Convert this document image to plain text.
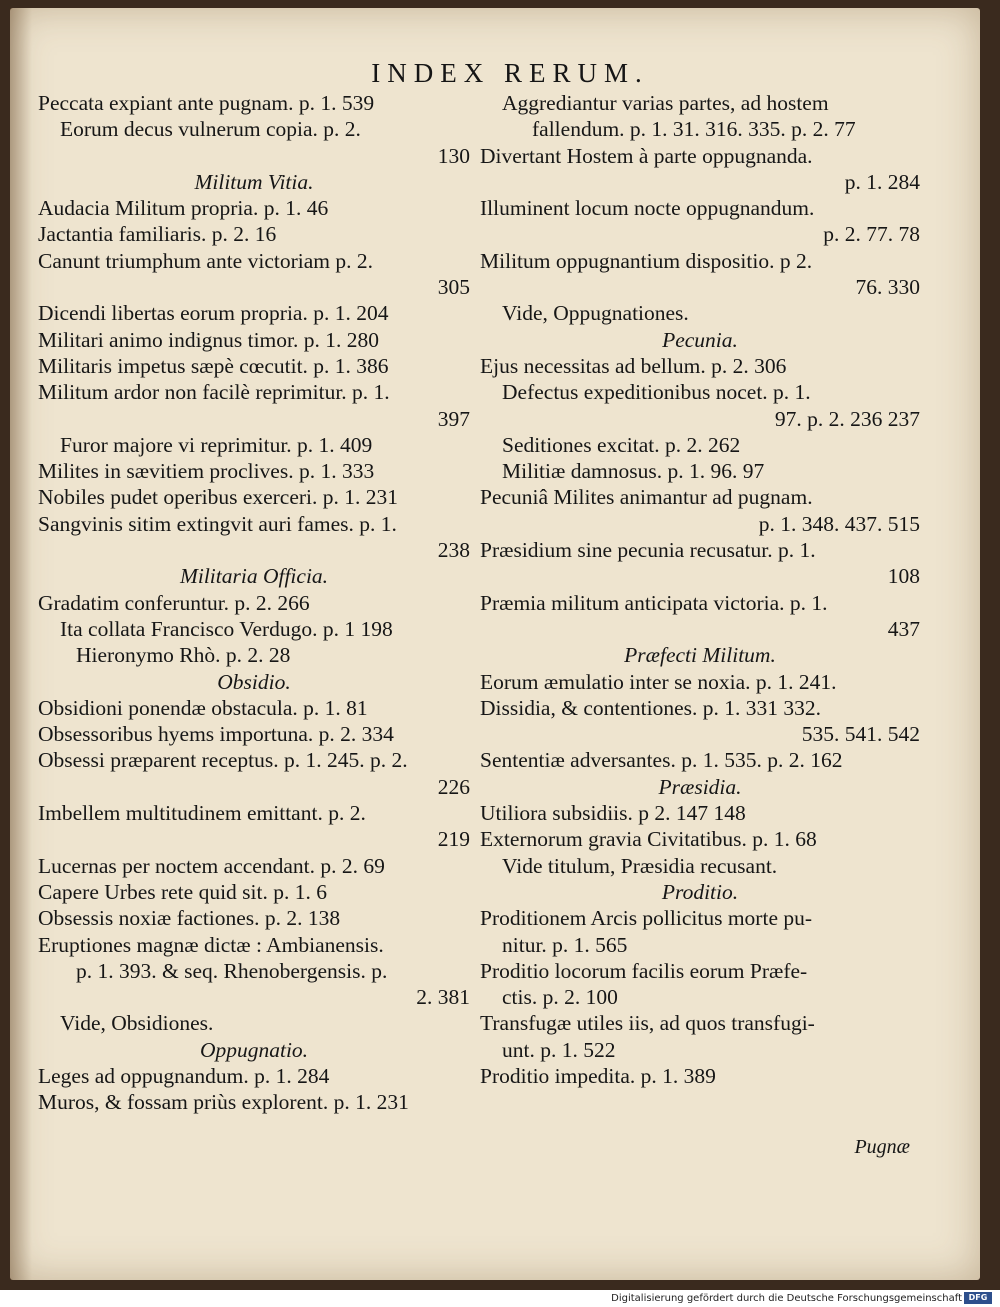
INDEX RERUM.
Peccata expiant ante pugnam. p. 1. 539
Eorum decus vulnerum copia. p. 2.
130
Militum Vitia.
Audacia Militum propria. p. 1. 46
Jactantia familiaris. p. 2. 16
Canunt triumphum ante victoriam p. 2.
305
Dicendi libertas eorum propria. p. 1. 204
Militari animo indignus timor. p. 1. 280
Militaris impetus sæpè cœcutit. p. 1. 386
Militum ardor non facilè reprimitur. p. 1.
397
Furor majore vi reprimitur. p. 1. 409
Milites in sævitiem proclives. p. 1. 333
Nobiles pudet operibus exerceri. p. 1. 231
Sangvinis sitim extingvit auri fames. p. 1.
238
Militaria Officia.
Gradatim conferuntur. p. 2. 266
Ita collata Francisco Verdugo. p. 1 198
Hieronymo Rhò. p. 2. 28
Obsidio.
Obsidioni ponendæ obstacula. p. 1. 81
Obsessoribus hyems importuna. p. 2. 334
Obsessi præparent receptus. p. 1. 245. p. 2.
226
Imbellem multitudinem emittant. p. 2.
219
Lucernas per noctem accendant. p. 2. 69
Capere Urbes rete quid sit. p. 1. 6
Obsessis noxiæ factiones. p. 2. 138
Eruptiones magnæ dictæ : Ambianensis.
p. 1. 393. & seq. Rhenobergensis. p.
2. 381
Vide, Obsidiones.
Oppugnatio.
Leges ad oppugnandum. p. 1. 284
Muros, & fossam priùs explorent. p. 1. 231
Aggrediantur varias partes, ad hostem
fallendum. p. 1. 31. 316. 335. p. 2. 77
Divertant Hostem à parte oppugnanda.
p. 1. 284
Illuminent locum nocte oppugnandum.
p. 2. 77. 78
Militum oppugnantium dispositio. p 2.
76. 330
Vide, Oppugnationes.
Pecunia.
Ejus necessitas ad bellum. p. 2. 306
Defectus expeditionibus nocet. p. 1.
97. p. 2. 236 237
Seditiones excitat. p. 2. 262
Militiæ damnosus. p. 1. 96. 97
Pecuniâ Milites animantur ad pugnam.
p. 1. 348. 437. 515
Præsidium sine pecunia recusatur. p. 1.
108
Præmia militum anticipata victoria. p. 1.
437
Præfecti Militum.
Eorum æmulatio inter se noxia. p. 1. 241.
Dissidia, & contentiones. p. 1. 331 332.
535. 541. 542
Sententiæ adversantes. p. 1. 535. p. 2. 162
Præsidia.
Utiliora subsidiis. p 2. 147 148
Externorum gravia Civitatibus. p. 1. 68
Vide titulum, Præsidia recusant.
Proditio.
Proditionem Arcis pollicitus morte pu-
nitur. p. 1. 565
Proditio locorum facilis eorum Præfe-
ctis. p. 2. 100
Transfugæ utiles iis, ad quos transfugi-
unt. p. 1. 522
Proditio impedita. p. 1. 389
Pugnæ
Digitalisierung gefördert durch die Deutsche Forschungsgemeinschaft DFG
